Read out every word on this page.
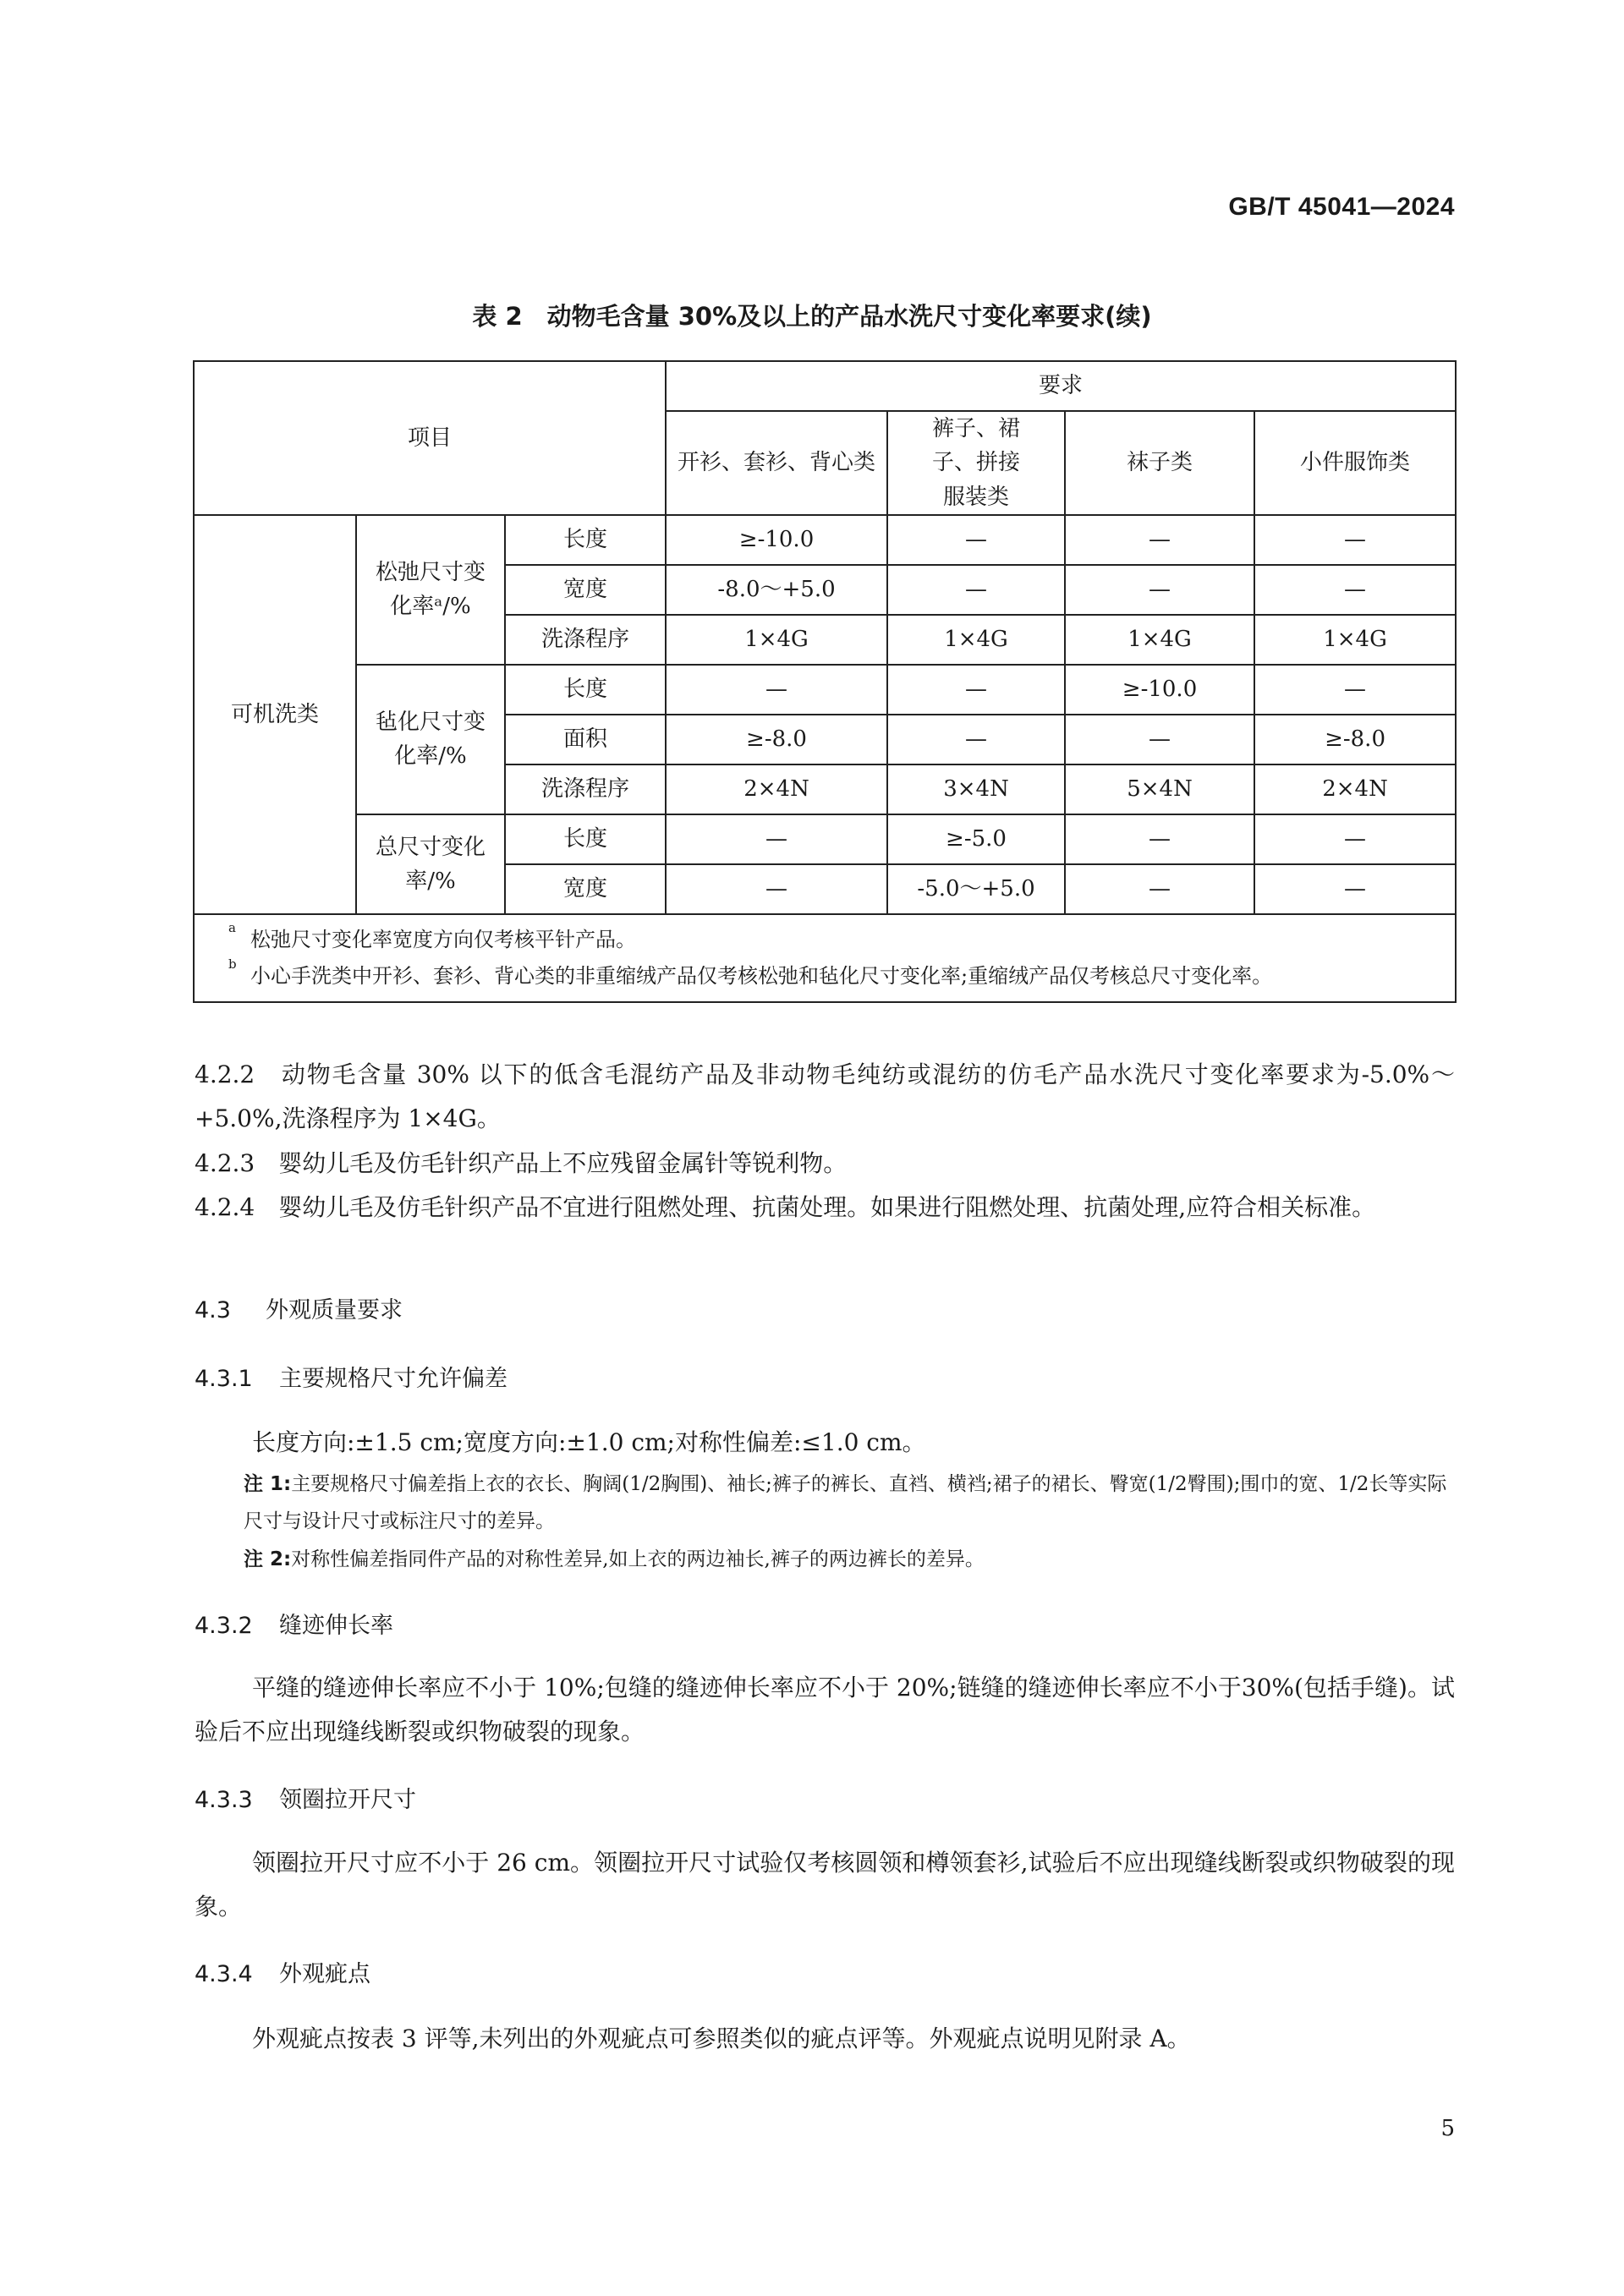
GB/T 45041—2024
表 2　动物毛含量 30%及以上的产品水洗尺寸变化率要求(续)
项目			要求			
			开衫、套衫、背心类	裤子、裙子、拼接服装类	袜子类	小件服饰类
可机洗类	松弛尺寸变化率ᵃ/%	长度	≥-10.0	—	—	—
		宽度	-8.0～+5.0	—	—	—
		洗涤程序	1×4G	1×4G	1×4G	1×4G
	毡化尺寸变化率/%	长度	—	—	≥-10.0	—
		面积	≥-8.0	—	—	≥-8.0
		洗涤程序	2×4N	3×4N	5×4N	2×4N
	总尺寸变化率/%	长度	—	≥-5.0	—	—
		宽度	—	-5.0～+5.0	—	—

a 松弛尺寸变化率宽度方向仅考核平针产品。
b 小心手洗类中开衫、套衫、背心类的非重缩绒产品仅考核松弛和毡化尺寸变化率;重缩绒产品仅考核总尺寸变化率。						
4.2.2　动物毛含量 30% 以下的低含毛混纺产品及非动物毛纯纺或混纺的仿毛产品水洗尺寸变化率要求为-5.0%～+5.0%,洗涤程序为 1×4G。
4.2.3　婴幼儿毛及仿毛针织产品上不应残留金属针等锐利物。
4.2.4　婴幼儿毛及仿毛针织产品不宜进行阻燃处理、抗菌处理。如果进行阻燃处理、抗菌处理,应符合相关标准。
4.3 外观质量要求
4.3.1 主要规格尺寸允许偏差
长度方向:±1.5 cm;宽度方向:±1.0 cm;对称性偏差:≤1.0 cm。
注 1:主要规格尺寸偏差指上衣的衣长、胸阔(1/2胸围)、袖长;裤子的裤长、直裆、横裆;裙子的裙长、臀宽(1/2臀围);围巾的宽、1/2长等实际尺寸与设计尺寸或标注尺寸的差异。
注 2:对称性偏差指同件产品的对称性差异,如上衣的两边袖长,裤子的两边裤长的差异。
4.3.2 缝迹伸长率
平缝的缝迹伸长率应不小于 10%;包缝的缝迹伸长率应不小于 20%;链缝的缝迹伸长率应不小于30%(包括手缝)。试验后不应出现缝线断裂或织物破裂的现象。
4.3.3 领圈拉开尺寸
领圈拉开尺寸应不小于 26 cm。领圈拉开尺寸试验仅考核圆领和樽领套衫,试验后不应出现缝线断裂或织物破裂的现象。
4.3.4 外观疵点
外观疵点按表 3 评等,未列出的外观疵点可参照类似的疵点评等。外观疵点说明见附录 A。
5
